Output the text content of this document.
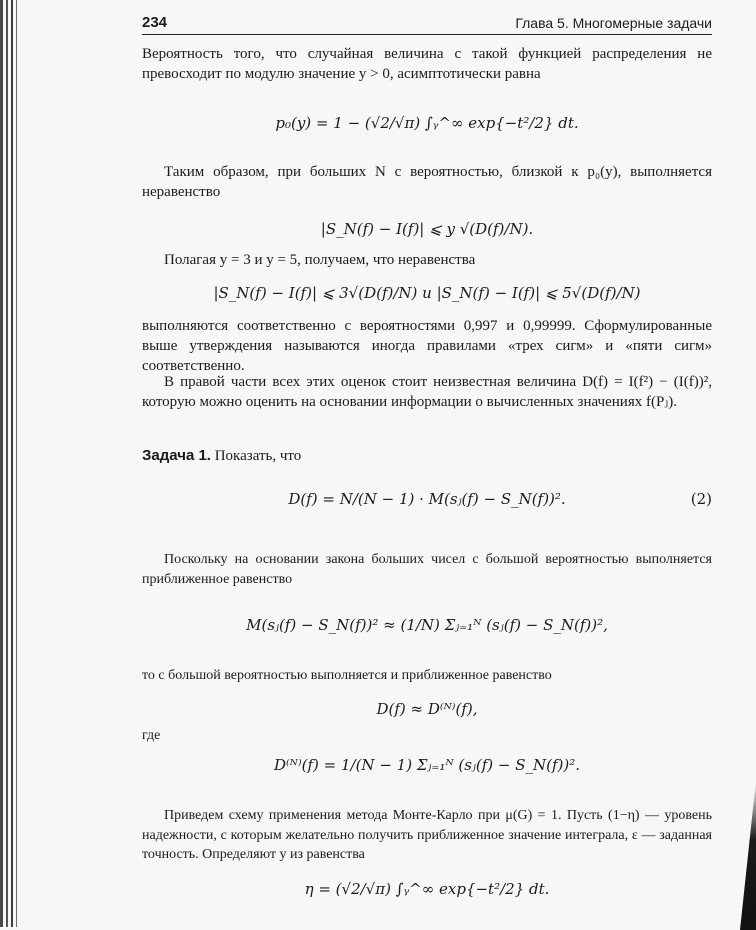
234	Глава 5. Многомерные задачи

Вероятность того, что случайная величина с такой функцией распределения не превосходит по модулю значение y > 0, асимптотически равна

p₀(y) = 1 − (√2/√π) ∫ᵧ^∞ exp{−t²/2} dt.

Таким образом, при больших N с вероятностью, близкой к p₀(y), выполняется неравенство

|S_N(f) − I(f)| ⩽ y √(D(f)/N).

Полагая y = 3 и y = 5, получаем, что неравенства

|S_N(f) − I(f)| ⩽ 3√(D(f)/N) и |S_N(f) − I(f)| ⩽ 5√(D(f)/N)

выполняются соответственно с вероятностями 0,997 и 0,99999. Сформулированные выше утверждения называются иногда правилами «трех сигм» и «пяти сигм» соответственно.

В правой части всех этих оценок стоит неизвестная величина D(f) = I(f²) − (I(f))², которую можно оценить на основании информации о вычисленных значениях f(Pⱼ).

Задача 1. Показать, что

D(f) = N/(N − 1) · M(sⱼ(f) − S_N(f))².	(2)

Поскольку на основании закона больших чисел с большой вероятностью выполняется приближенное равенство

M(sⱼ(f) − S_N(f))² ≈ (1/N) Σⱼ₌₁ᴺ (sⱼ(f) − S_N(f))²,

то с большой вероятностью выполняется и приближенное равенство

D(f) ≈ D⁽ᴺ⁾(f),

где

D⁽ᴺ⁾(f) = 1/(N − 1) Σⱼ₌₁ᴺ (sⱼ(f) − S_N(f))².

Приведем схему применения метода Монте-Карло при μ(G) = 1. Пусть (1−η) — уровень надежности, с которым желательно получить приближенное значение интеграла, ε — заданная точность. Определяют y из равенства

η = (√2/√π) ∫ᵧ^∞ exp{−t²/2} dt.
